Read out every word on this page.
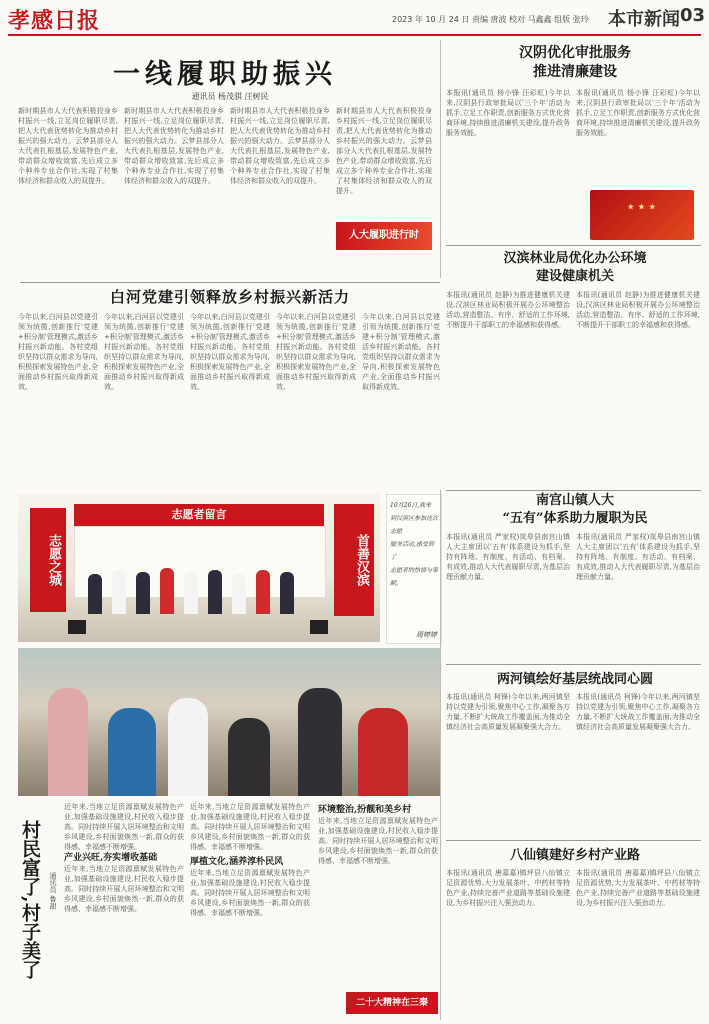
孝感日报	2023 年 10 月 24 日 责编 唐波 校对 马鑫鑫 组版 张玲 本市新闻 03
一线履职助振兴
通讯员 杨茂骐 汪树民
新时期县市人大代表积极投身乡村振兴一线,立足岗位履职尽责,把人大代表优势转化为推动乡村振兴的强大动力。云梦县部分人大代表扎根基层,发展特色产业,带动群众增收致富,先后成立多个种养专业合作社,实现了村集体经济和群众收入的双提升。
新时期县市人大代表积极投身乡村振兴一线,立足岗位履职尽责,把人大代表优势转化为推动乡村振兴的强大动力。云梦县部分人大代表扎根基层,发展特色产业,带动群众增收致富,先后成立多个种养专业合作社,实现了村集体经济和群众收入的双提升。
新时期县市人大代表积极投身乡村振兴一线,立足岗位履职尽责,把人大代表优势转化为推动乡村振兴的强大动力。云梦县部分人大代表扎根基层,发展特色产业,带动群众增收致富,先后成立多个种养专业合作社,实现了村集体经济和群众收入的双提升。
新时期县市人大代表积极投身乡村振兴一线,立足岗位履职尽责,把人大代表优势转化为推动乡村振兴的强大动力。云梦县部分人大代表扎根基层,发展特色产业,带动群众增收致富,先后成立多个种养专业合作社,实现了村集体经济和群众收入的双提升。
人大履职进行时
汉阴优化审批服务
推进清廉建设
本报讯(通讯员 杨小锋 汪彩虹)今年以来,汉阴县行政审批局以'三个年'活动为抓手,立足工作职责,创新服务方式优化营商环境,持续推进清廉机关建设,提升政务服务效能。
本报讯(通讯员 杨小锋 汪彩虹)今年以来,汉阴县行政审批局以'三个年'活动为抓手,立足工作职责,创新服务方式优化营商环境,持续推进清廉机关建设,提升政务服务效能。
★ ★ ★
汉滨林业局优化办公环境
建设健康机关
白河党建引领释放乡村振兴新活力
今年以来,白河县以党建引领为统揽,创新推行'党建+积分制'管理模式,激活乡村振兴新动能。各村党组织坚持以群众需求为导向,积极探索发展特色产业,全面推动乡村振兴取得新成效。
今年以来,白河县以党建引领为统揽,创新推行'党建+积分制'管理模式,激活乡村振兴新动能。各村党组织坚持以群众需求为导向,积极探索发展特色产业,全面推动乡村振兴取得新成效。
今年以来,白河县以党建引领为统揽,创新推行'党建+积分制'管理模式,激活乡村振兴新动能。各村党组织坚持以群众需求为导向,积极探索发展特色产业,全面推动乡村振兴取得新成效。
今年以来,白河县以党建引领为统揽,创新推行'党建+积分制'管理模式,激活乡村振兴新动能。各村党组织坚持以群众需求为导向,积极探索发展特色产业,全面推动乡村振兴取得新成效。
今年以来,白河县以党建引领为统揽,创新推行'党建+积分制'管理模式,激活乡村振兴新动能。各村党组织坚持以群众需求为导向,积极探索发展特色产业,全面推动乡村振兴取得新成效。
本报讯(通讯员 赵静)为推进健康机关建设,汉滨区林业局积极开展办公环境整治活动,营造整洁、有序、舒适的工作环境,不断提升干部职工的幸福感和获得感。
本报讯(通讯员 赵静)为推进健康机关建设,汉滨区林业局积极开展办公环境整治活动,营造整洁、有序、舒适的工作环境,不断提升干部职工的幸福感和获得感。
志愿之城	首善汉滨
志愿者留言
10月26日,我来
到汉滨区参加这次志愿
服务活动,感受到了
志愿者的热情与奉献。
周婷婷
南宫山镇人大
“五有”体系助力履职为民
本报讯(通讯员 严家权)岚皋县南宫山镇人大主席团以'五有'体系建设为抓手,坚持有阵地、有制度、有活动、有档案、有成效,推动人大代表履职尽责,为基层治理贡献力量。
本报讯(通讯员 严家权)岚皋县南宫山镇人大主席团以'五有'体系建设为抓手,坚持有阵地、有制度、有活动、有档案、有成效,推动人大代表履职尽责,为基层治理贡献力量。
两河镇绘好基层统战同心圆
本报讯(通讯员 柯锋)今年以来,两河镇坚持以党建为引领,聚焦中心工作,凝聚各方力量,不断扩大统战工作覆盖面,为推动全镇经济社会高质量发展凝聚强大合力。
本报讯(通讯员 柯锋)今年以来,两河镇坚持以党建为引领,聚焦中心工作,凝聚各方力量,不断扩大统战工作覆盖面,为推动全镇经济社会高质量发展凝聚强大合力。
八仙镇建好乡村产业路
本报讯(通讯员 唐嘉嘉)镇坪县八仙镇立足资源优势,大力发展茶叶、中药材等特色产业,持续完善产业道路等基础设施建设,为乡村振兴注入强劲动力。
本报讯(通讯员 唐嘉嘉)镇坪县八仙镇立足资源优势,大力发展茶叶、中药材等特色产业,持续完善产业道路等基础设施建设,为乡村振兴注入强劲动力。
村民富了,村子美了	通讯员 鲁甜
近年来,当地立足资源禀赋发展特色产业,加强基础设施建设,村民收入稳步提高。同时持续开展人居环境整治和文明乡风建设,乡村面貌焕然一新,群众的获得感、幸福感不断增强。
产业兴旺,夯实增收基础
近年来,当地立足资源禀赋发展特色产业,加强基础设施建设,村民收入稳步提高。同时持续开展人居环境整治和文明乡风建设,乡村面貌焕然一新,群众的获得感、幸福感不断增强。
近年来,当地立足资源禀赋发展特色产业,加强基础设施建设,村民收入稳步提高。同时持续开展人居环境整治和文明乡风建设,乡村面貌焕然一新,群众的获得感、幸福感不断增强。
厚植文化,涵养淳朴民风
近年来,当地立足资源禀赋发展特色产业,加强基础设施建设,村民收入稳步提高。同时持续开展人居环境整治和文明乡风建设,乡村面貌焕然一新,群众的获得感、幸福感不断增强。
环境整治,扮靓和美乡村
近年来,当地立足资源禀赋发展特色产业,加强基础设施建设,村民收入稳步提高。同时持续开展人居环境整治和文明乡风建设,乡村面貌焕然一新,群众的获得感、幸福感不断增强。
二十大精神在三秦
